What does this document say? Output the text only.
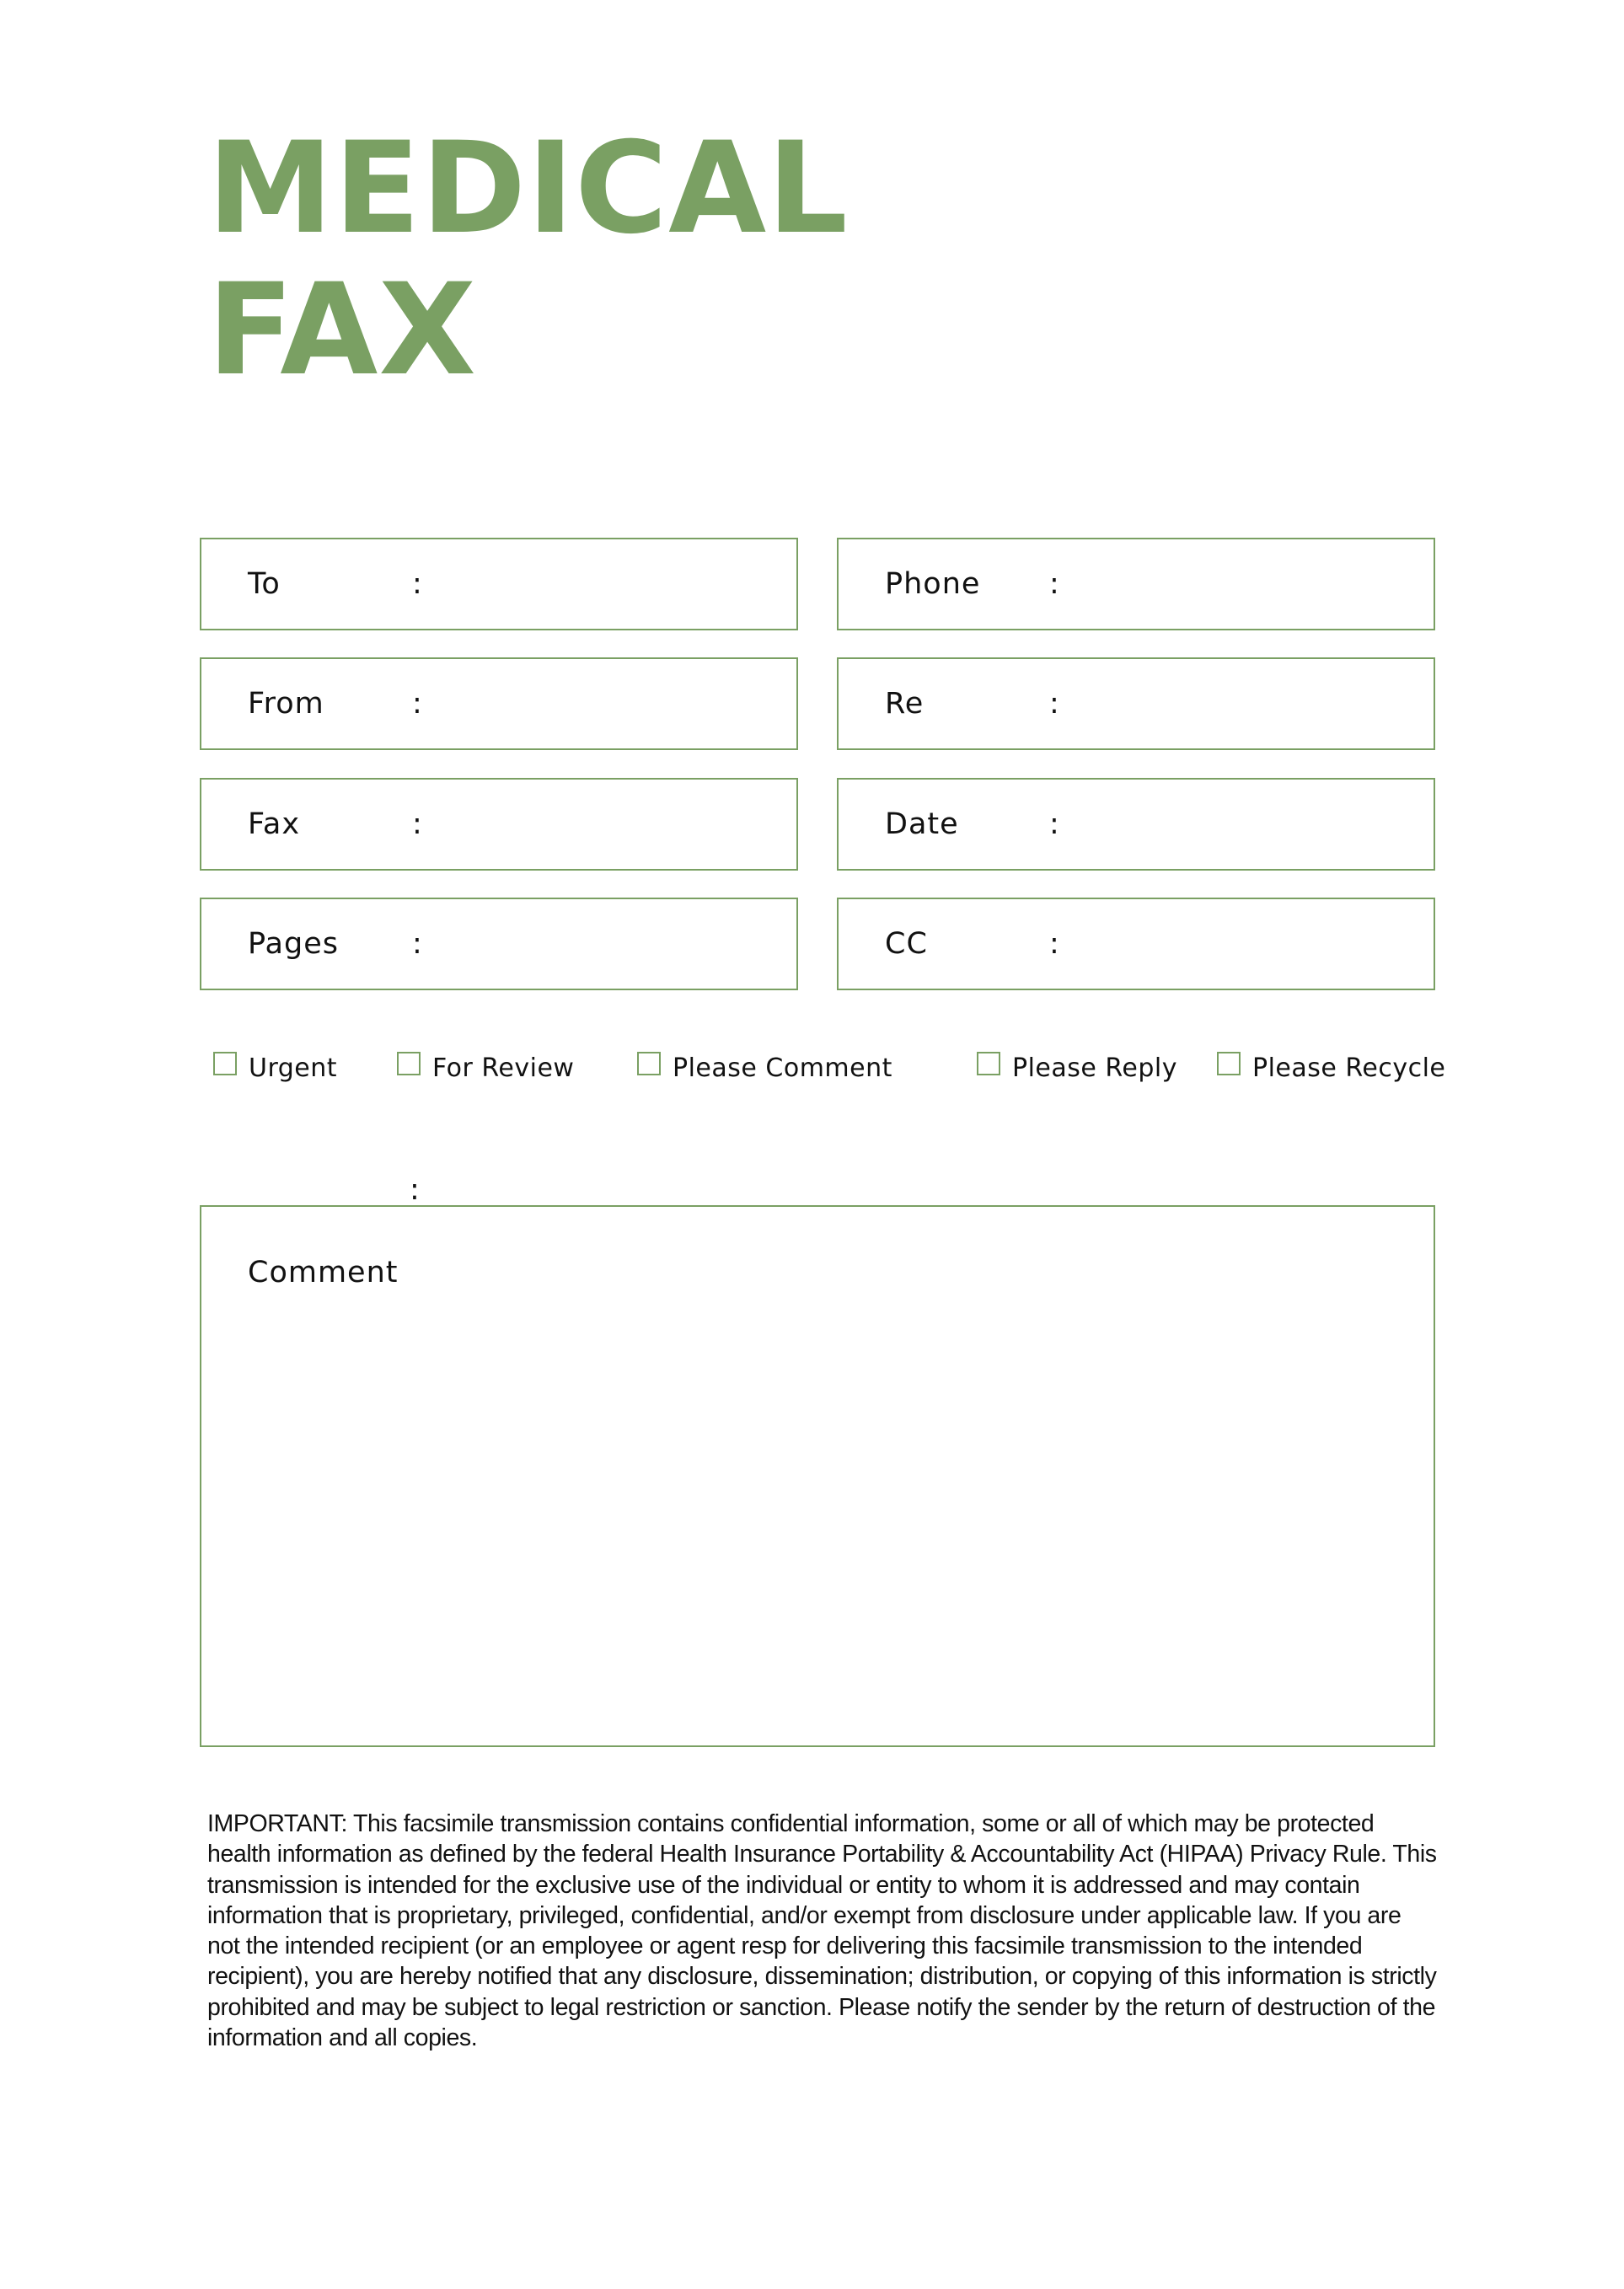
MEDICAL
FAX
To	:
From	:
Fax	:
Pages :
Phone :
Re	:
Date	:
CC	:
Urgent	For Review	Please Comment	Please Reply	Please Recycle
:
Comment
IMPORTANT: This facsimile transmission contains confidential information, some or all of which may be protected health information as defined by the federal Health Insurance Portability & Accountability Act (HIPAA) Privacy Rule. This transmission is intended for the exclusive use of the individual or entity to whom it is addressed and may contain information that is proprietary, privileged, confidential, and/or exempt from disclosure under applicable law. If you are not the intended recipient (or an employee or agent resp for delivering this facsimile transmission to the intended recipient), you are hereby notified that any disclosure, dissemination; distribution, or copying of this information is strictly prohibited and may be subject to legal restriction or sanction. Please notify the sender by the return of destruction of the information and all copies.
